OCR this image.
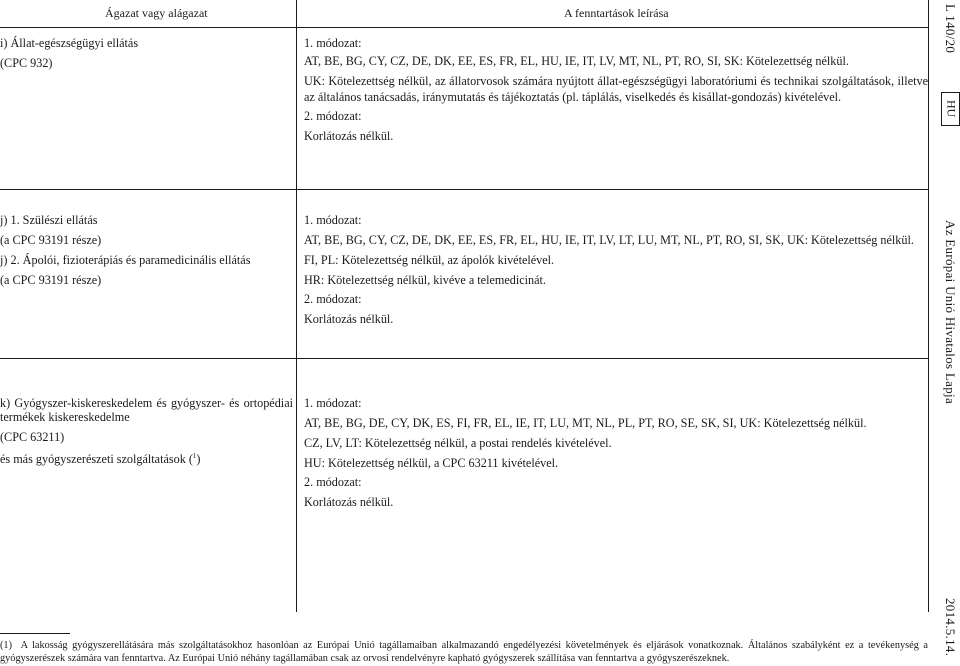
Ágazat vagy alágazat	A fenntartások leírása
i) Állat-egészségügyi ellátás
(CPC 932)
1. módozat:
AT, BE, BG, CY, CZ, DE, DK, EE, ES, FR, EL, HU, IE, IT, LV, MT, NL, PT, RO, SI, SK: Kötelezettség nélkül.
UK: Kötelezettség nélkül, az állatorvosok számára nyújtott állat-egészségügyi laboratóriumi és technikai szolgáltatások, illetve az általános tanácsadás, iránymutatás és tájékoztatás (pl. táplálás, viselkedés és kisállat-gondozás) kivételével.
2. módozat:
Korlátozás nélkül.
j) 1. Szülészi ellátás
(a CPC 93191 része)
j) 2. Ápolói, fizioterápiás és paramedicinális ellátás
(a CPC 93191 része)
1. módozat:
AT, BE, BG, CY, CZ, DE, DK, EE, ES, FR, EL, HU, IE, IT, LV, LT, LU, MT, NL, PT, RO, SI, SK, UK: Kötelezettség nélkül.
FI, PL: Kötelezettség nélkül, az ápolók kivételével.
HR: Kötelezettség nélkül, kivéve a telemedicinát.
2. módozat:
Korlátozás nélkül.
k) Gyógyszer-kiskereskedelem és gyógyszer- és ortopédiai termékek kiskereskedelme
(CPC 63211)
és más gyógyszerészeti szolgáltatások ($^1$)
1. módozat:
AT, BE, BG, DE, CY, DK, ES, FI, FR, EL, IE, IT, LU, MT, NL, PL, PT, RO, SE, SK, SI, UK: Kötelezettség nélkül.
CZ, LV, LT: Kötelezettség nélkül, a postai rendelés kivételével.
HU: Kötelezettség nélkül, a CPC 63211 kivételével.
2. módozat:
Korlátozás nélkül.
(1) A lakosság gyógyszerellátására más szolgáltatásokhoz hasonlóan az Európai Unió tagállamaiban alkalmazandó engedélyezési követelmények és eljárások vonatkoznak. Általános szabályként ez a tevékenység a gyógyszerészek számára van fenntartva. Az Európai Unió néhány tagállamában csak az orvosi rendelvényre kapható gyógyszerek szállítása van fenntartva a gyógyszerészeknek.
L 140/20
HU
Az Európai Unió Hivatalos Lapja
2014.5.14.
